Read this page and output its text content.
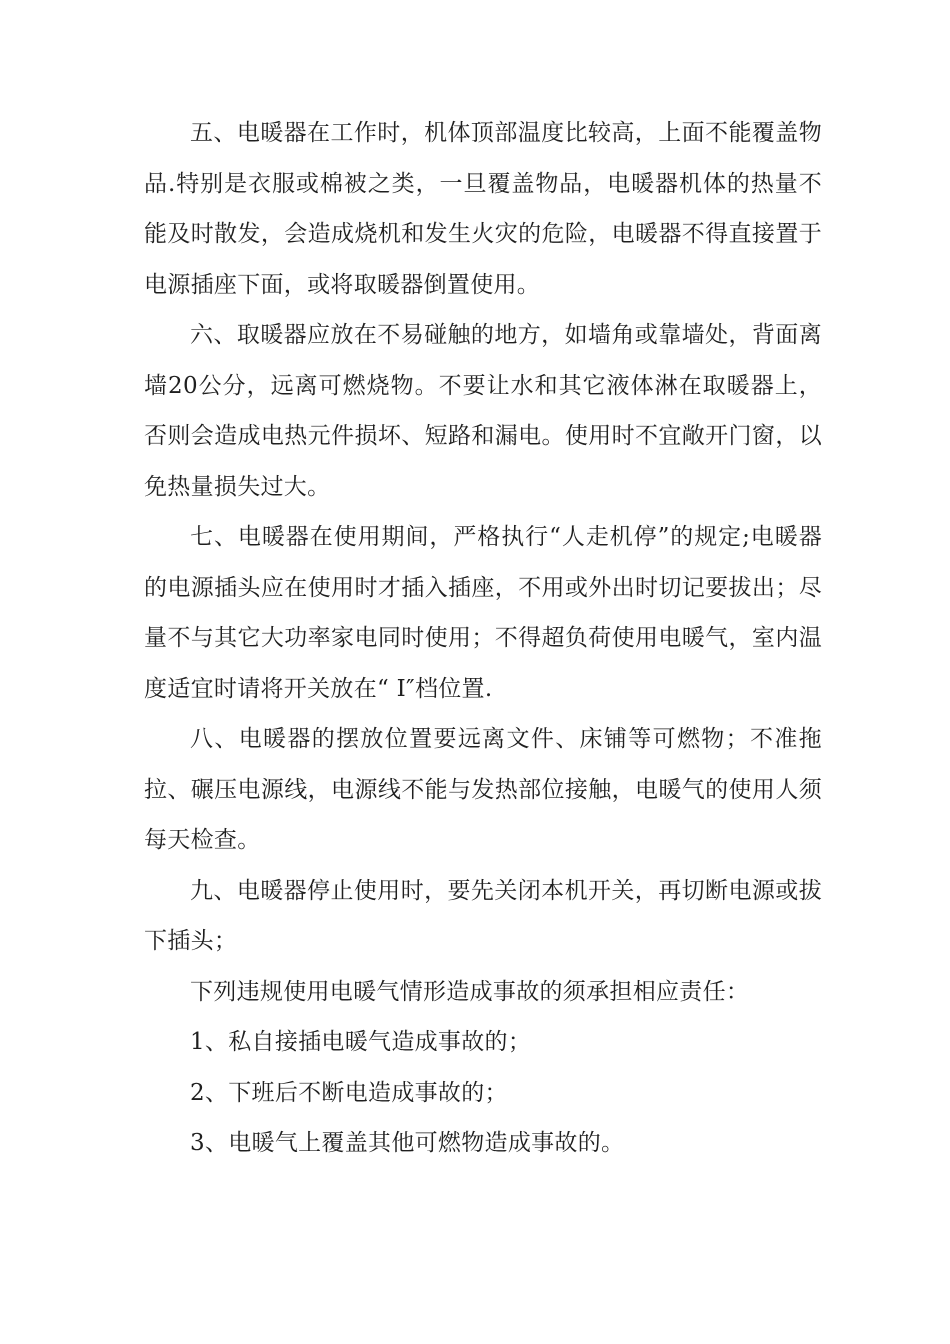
五、电暖器在工作时，机体顶部温度比较高，上面不能覆盖物品.特别是衣服或棉被之类，一旦覆盖物品，电暖器机体的热量不能及时散发，会造成烧机和发生火灾的危险，电暖器不得直接置于电源插座下面，或将取暖器倒置使用。

六、取暖器应放在不易碰触的地方，如墙角或靠墙处，背面离墙20公分，远离可燃烧物。不要让水和其它液体淋在取暖器上，否则会造成电热元件损坏、短路和漏电。使用时不宜敞开门窗，以免热量损失过大。

七、电暖器在使用期间，严格执行“人走机停”的规定;电暖器的电源插头应在使用时才插入插座，不用或外出时切记要拔出；尽量不与其它大功率家电同时使用；不得超负荷使用电暖气，室内温度适宜时请将开关放在“ I″档位置.

八、电暖器的摆放位置要远离文件、床铺等可燃物；不准拖拉、碾压电源线，电源线不能与发热部位接触，电暖气的使用人须每天检查。

九、电暖器停止使用时，要先关闭本机开关，再切断电源或拔下插头；

下列违规使用电暖气情形造成事故的须承担相应责任：

1、私自接插电暖气造成事故的；

2、下班后不断电造成事故的；

3、电暖气上覆盖其他可燃物造成事故的。
